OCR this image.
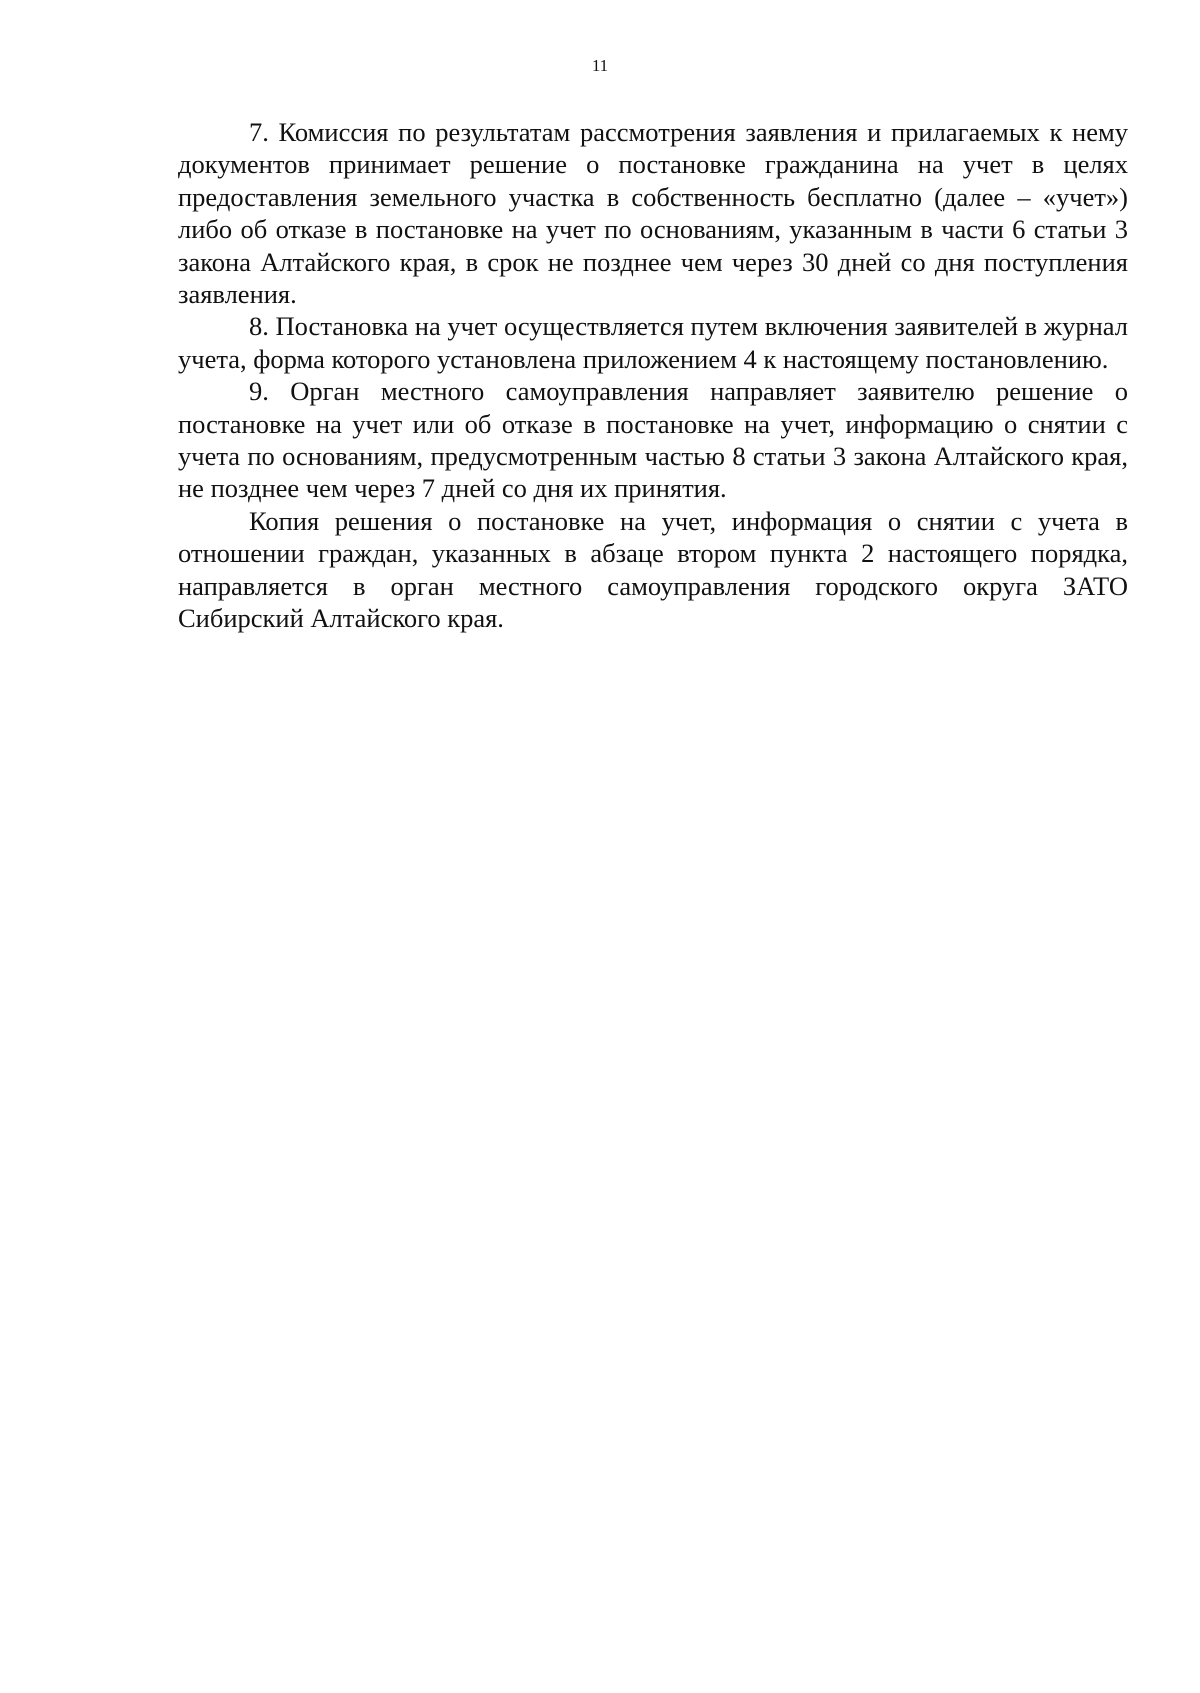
11

7. Комиссия по результатам рассмотрения заявления и прилагаемых к нему документов принимает решение о постановке гражданина на учет в целях предоставления земельного участка в собственность бесплатно (далее – «учет») либо об отказе в постановке на учет по основаниям, указанным в части 6 статьи 3 закона Алтайского края, в срок не позднее чем через 30 дней со дня поступления заявления.

8. Постановка на учет осуществляется путем включения заявителей в журнал учета, форма которого установлена приложением 4 к настоящему постановлению.

9. Орган местного самоуправления направляет заявителю решение о постановке на учет или об отказе в постановке на учет, информацию о снятии с учета по основаниям, предусмотренным частью 8 статьи 3 закона Алтайского края, не позднее чем через 7 дней со дня их принятия.

Копия решения о постановке на учет, информация о снятии с учета в отношении граждан, указанных в абзаце втором пункта 2 настоящего порядка, направляется в орган местного самоуправления городского округа ЗАТО Сибирский Алтайского края.
